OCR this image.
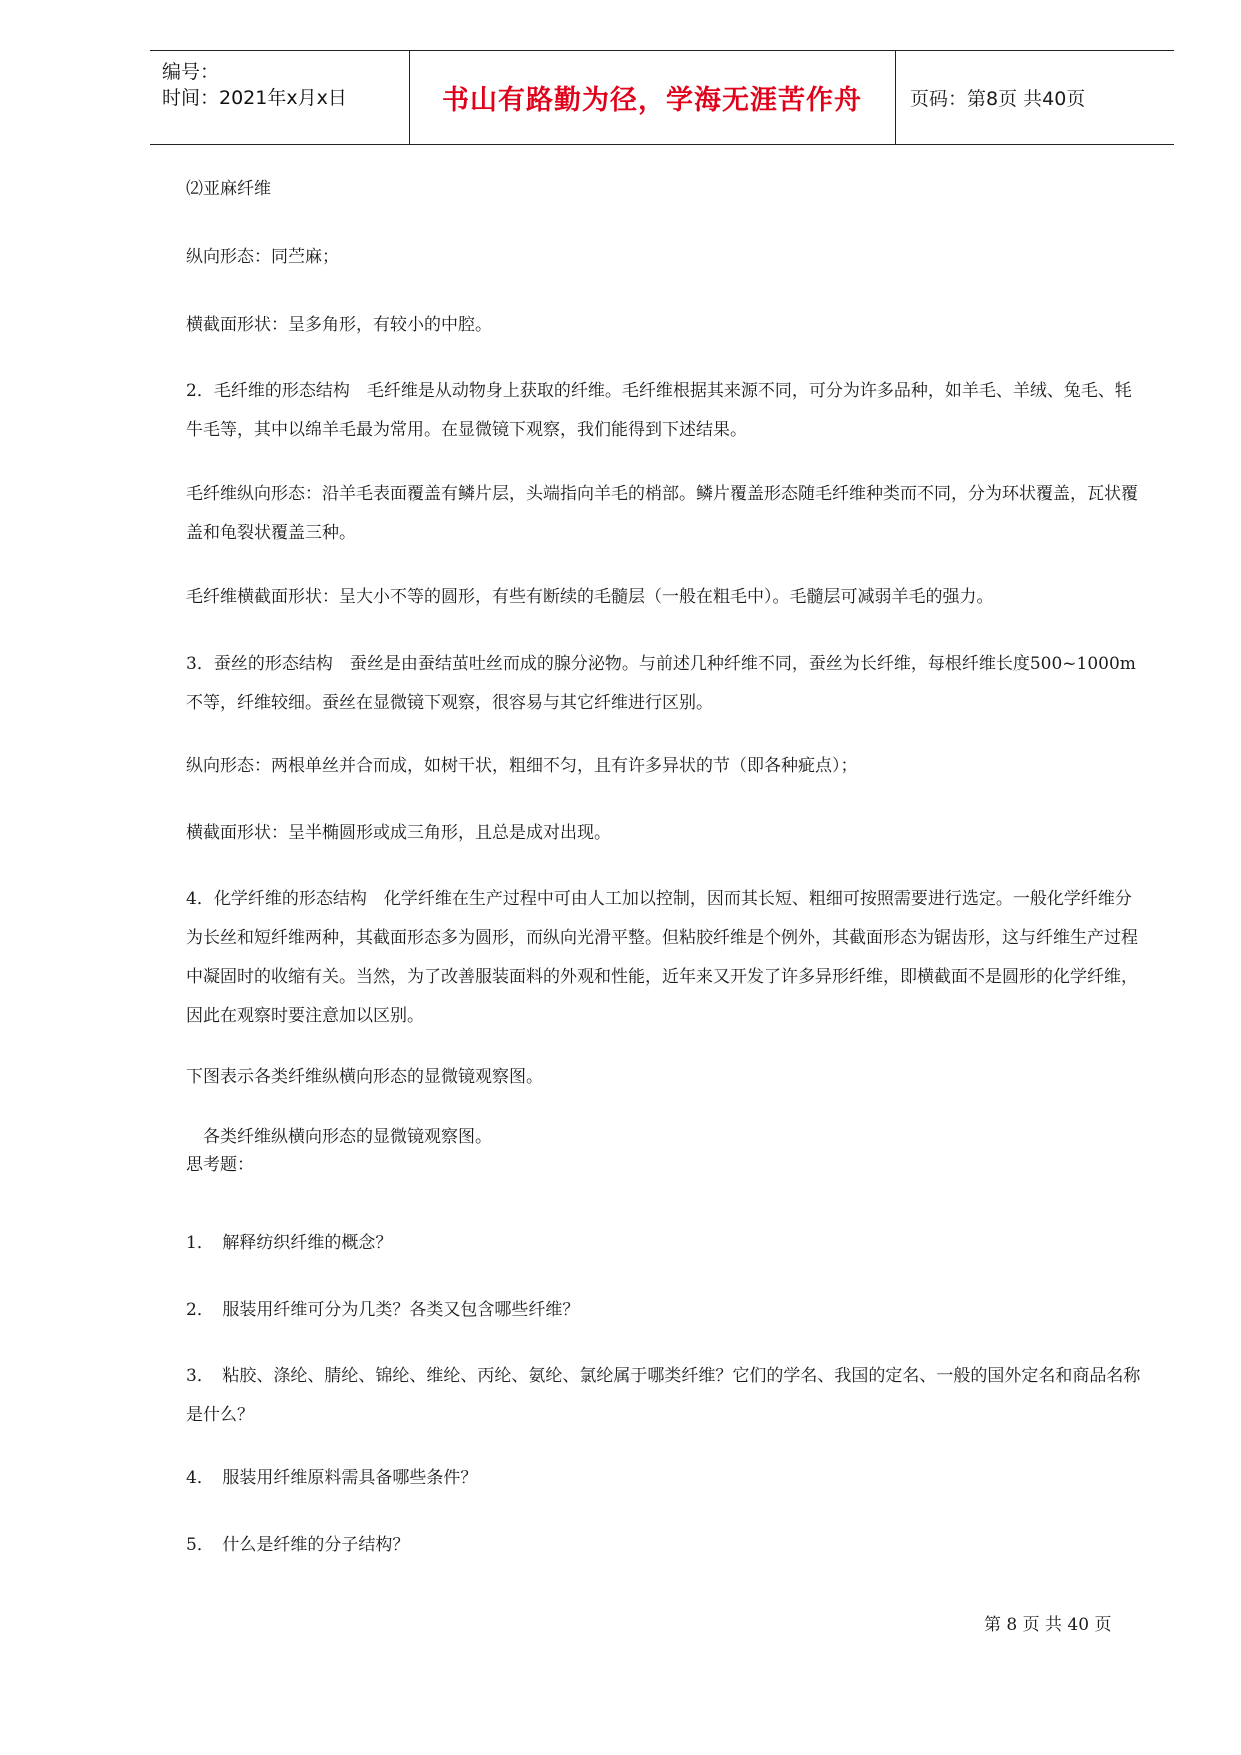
编号：
时间：2021年x月x日	书山有路勤为径，学海无涯苦作舟	页码：第8页 共40页

⑵亚麻纤维

纵向形态：同苎麻；

横截面形状：呈多角形，有较小的中腔。

2．毛纤维的形态结构　毛纤维是从动物身上获取的纤维。毛纤维根据其来源不同，可分为许多品种，如羊毛、羊绒、兔毛、牦牛毛等，其中以绵羊毛最为常用。在显微镜下观察，我们能得到下述结果。

毛纤维纵向形态：沿羊毛表面覆盖有鳞片层，头端指向羊毛的梢部。鳞片覆盖形态随毛纤维种类而不同，分为环状覆盖，瓦状覆盖和龟裂状覆盖三种。

毛纤维横截面形状：呈大小不等的圆形，有些有断续的毛髓层（一般在粗毛中）。毛髓层可减弱羊毛的强力。

3．蚕丝的形态结构　蚕丝是由蚕结茧吐丝而成的腺分泌物。与前述几种纤维不同，蚕丝为长纤维，每根纤维长度500~1000m不等，纤维较细。蚕丝在显微镜下观察，很容易与其它纤维进行区别。

纵向形态：两根单丝并合而成，如树干状，粗细不匀，且有许多异状的节（即各种疵点）；

横截面形状：呈半椭圆形或成三角形，且总是成对出现。

4．化学纤维的形态结构　化学纤维在生产过程中可由人工加以控制，因而其长短、粗细可按照需要进行选定。一般化学纤维分为长丝和短纤维两种，其截面形态多为圆形，而纵向光滑平整。但粘胶纤维是个例外，其截面形态为锯齿形，这与纤维生产过程中凝固时的收缩有关。当然，为了改善服装面料的外观和性能，近年来又开发了许多异形纤维，即横截面不是圆形的化学纤维，因此在观察时要注意加以区别。

下图表示各类纤维纵横向形态的显微镜观察图。

　各类纤维纵横向形态的显微镜观察图。

思考题：

1．　解释纺织纤维的概念？

2．　服装用纤维可分为几类？各类又包含哪些纤维？

3．　粘胶、涤纶、腈纶、锦纶、维纶、丙纶、氨纶、氯纶属于哪类纤维？它们的学名、我国的定名、一般的国外定名和商品名称是什么？

4．　服装用纤维原料需具备哪些条件？

5．　什么是纤维的分子结构？

第 8 页 共 40 页
